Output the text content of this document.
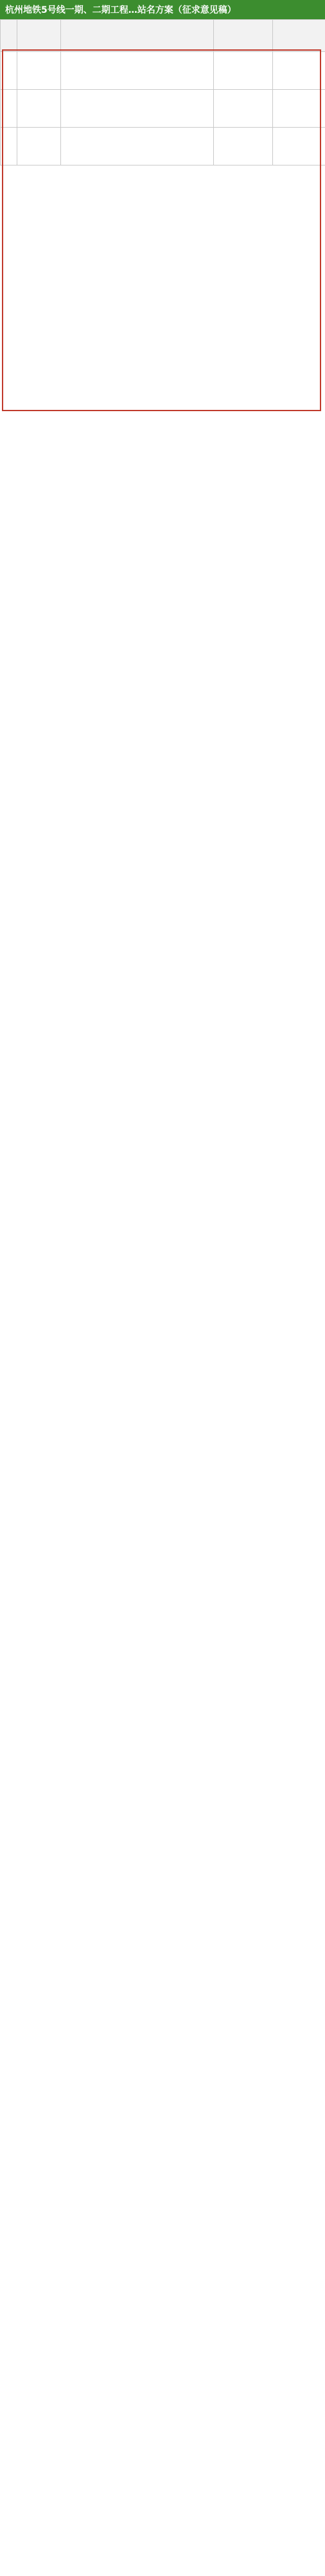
杭州地铁5号线一期、二期工程…站名方案（征求意见稿）
